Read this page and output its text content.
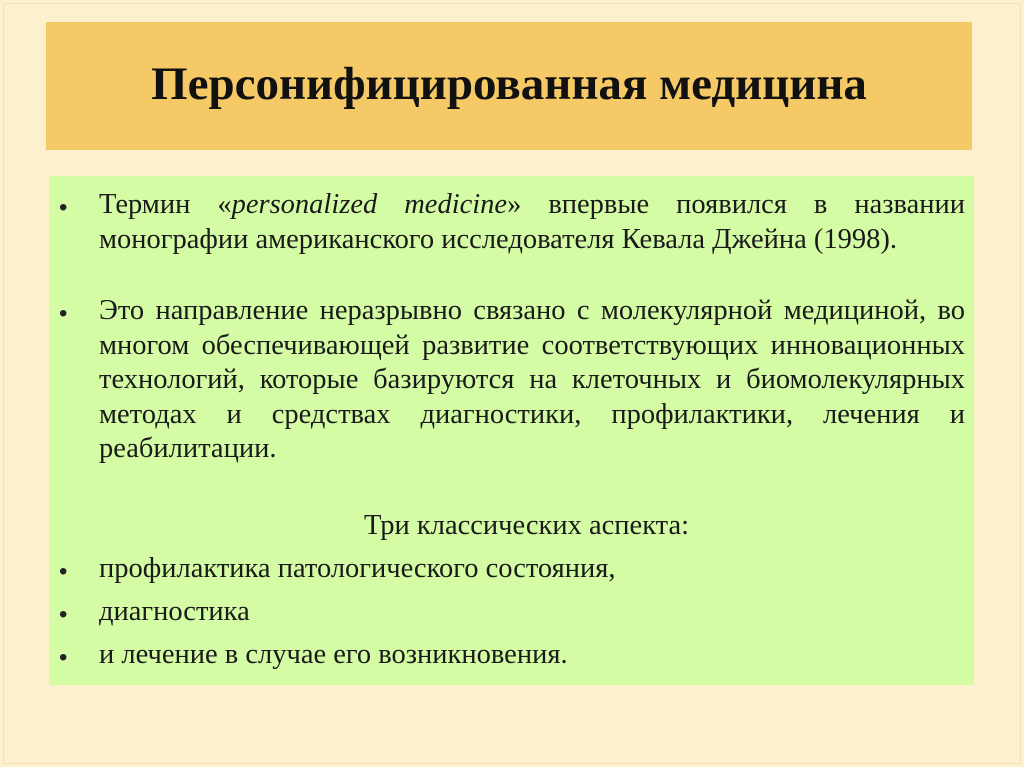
Персонифицированная медицина
• Термин «personalized medicine» впервые появился в названии монографии американского исследователя Кевала Джейна (1998).

• Это направление неразрывно связано с молекулярной медициной, во многом обеспечивающей развитие соответствующих инновационных технологий, которые базируются на клеточных и биомолекулярных методах и средствах диагностики, профилактики, лечения и реабилитации.

Три классических аспекта:
• профилактика патологического состояния,

• диагностика

• и лечение в случае его возникновения.
